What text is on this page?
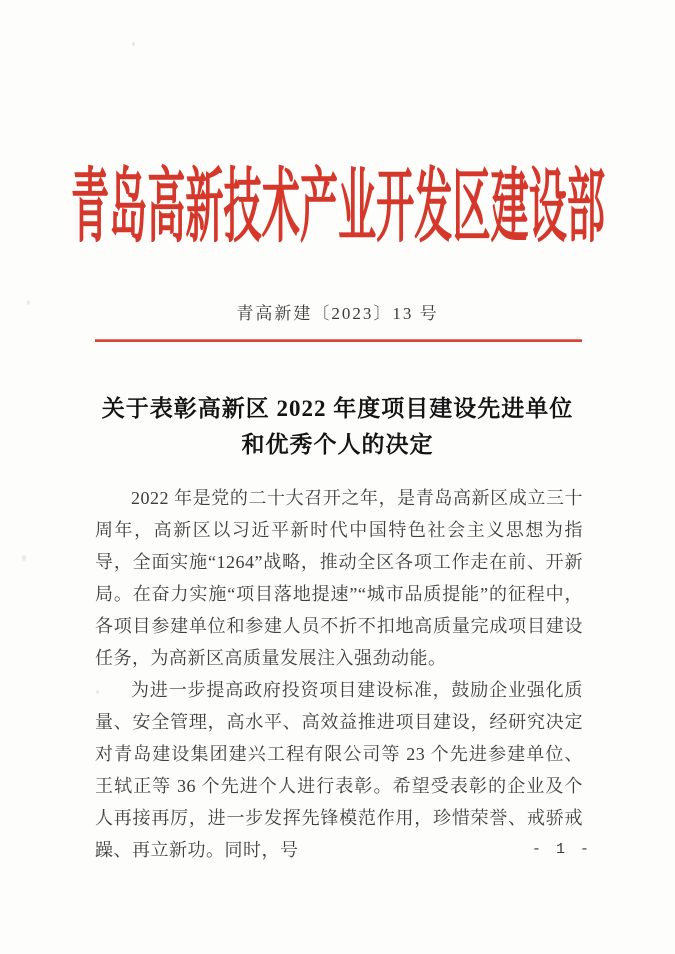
青岛高新技术产业开发区建设部
青高新建〔2023〕13 号
关于表彰高新区 2022 年度项目建设先进单位
和优秀个人的决定

2022 年是党的二十大召开之年，是青岛高新区成立三十周年，高新区以习近平新时代中国特色社会主义思想为指导，全面实施“1264”战略，推动全区各项工作走在前、开新局。在奋力实施“项目落地提速”“城市品质提能”的征程中，各项目参建单位和参建人员不折不扣地高质量完成项目建设任务，为高新区高质量发展注入强劲动能。

为进一步提高政府投资项目建设标准，鼓励企业强化质量、安全管理，高水平、高效益推进项目建设，经研究决定对青岛建设集团建兴工程有限公司等 23 个先进参建单位、王轼正等 36 个先进个人进行表彰。希望受表彰的企业及个人再接再厉，进一步发挥先锋模范作用，珍惜荣誉、戒骄戒躁、再立新功。同时，号	- 1 -
